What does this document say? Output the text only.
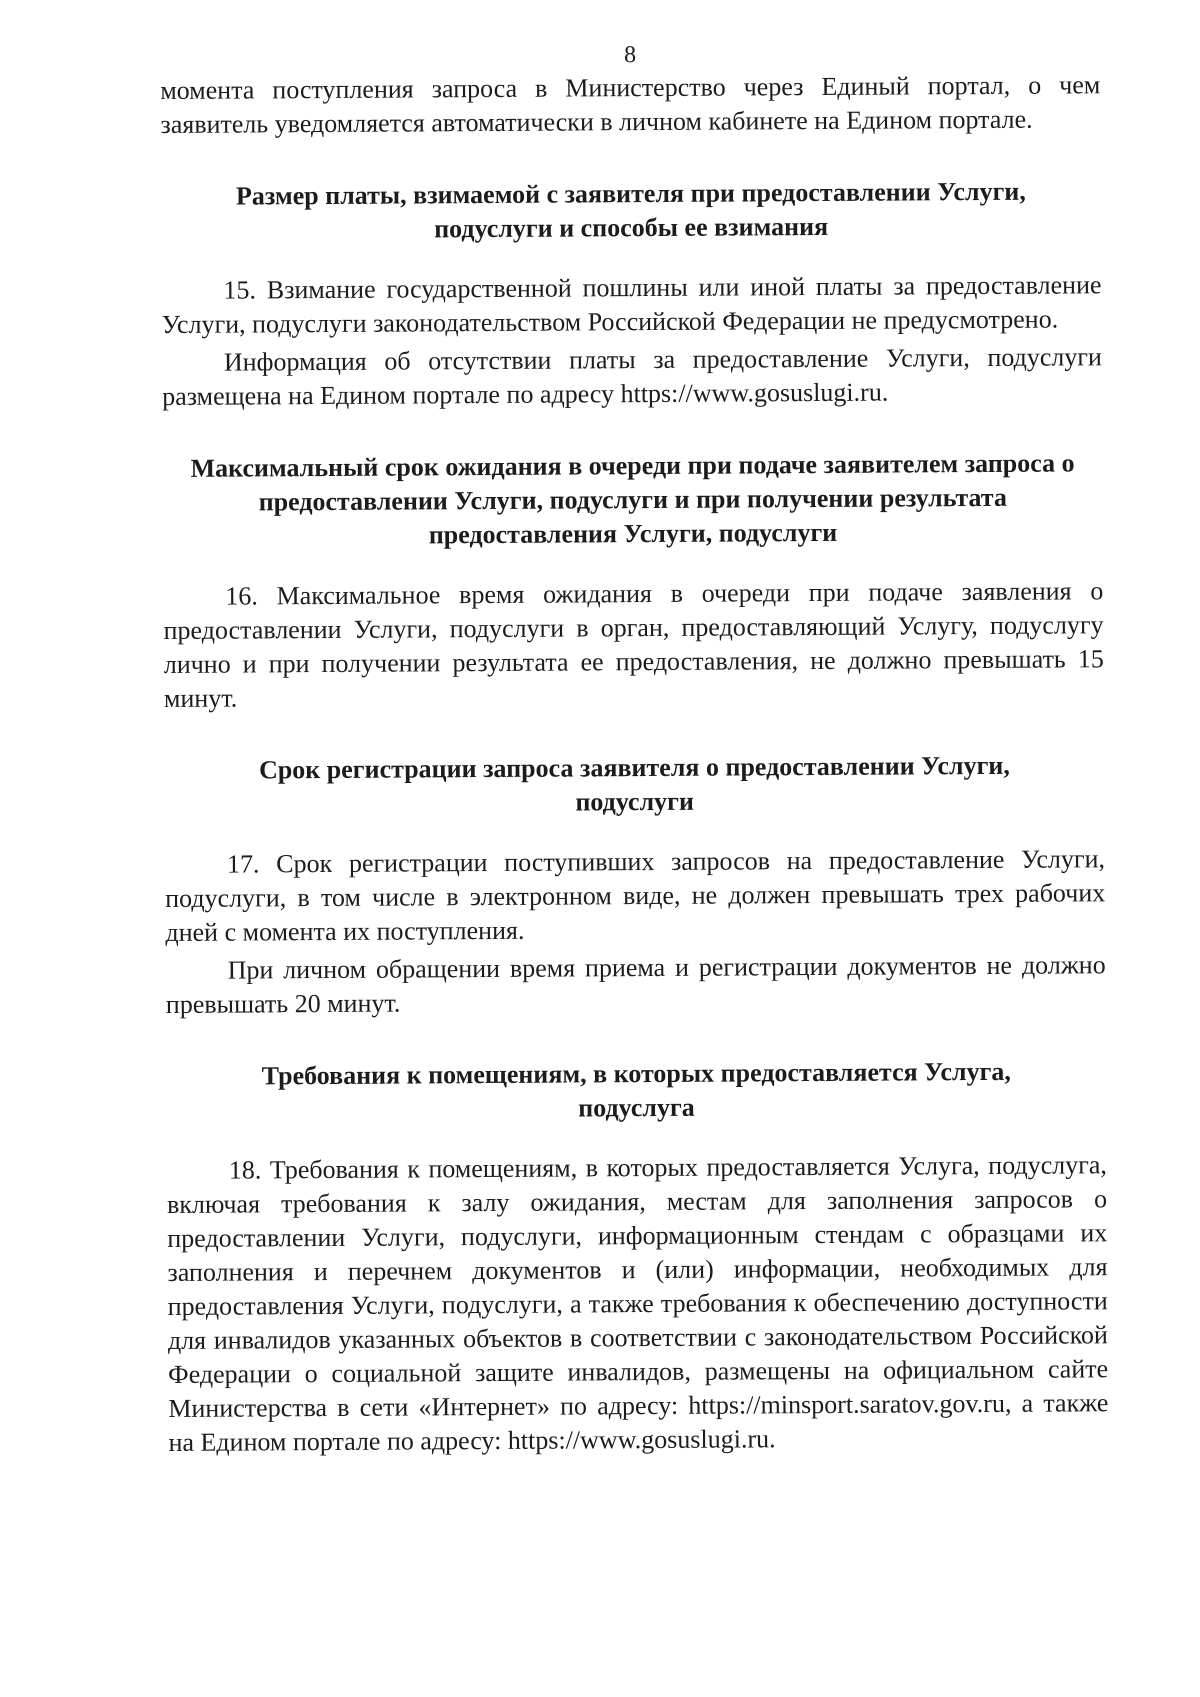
8

момента поступления запроса в Министерство через Единый портал, о чем заявитель уведомляется автоматически в личном кабинете на Едином портале.

Размер платы, взимаемой с заявителя при предоставлении Услуги, подуслуги и способы ее взимания

15. Взимание государственной пошлины или иной платы за предоставление Услуги, подуслуги законодательством Российской Федерации не предусмотрено.

Информация об отсутствии платы за предоставление Услуги, подуслуги размещена на Едином портале по адресу https://www.gosuslugi.ru.

Максимальный срок ожидания в очереди при подаче заявителем запроса о предоставлении Услуги, подуслуги и при получении результата предоставления Услуги, подуслуги

16. Максимальное время ожидания в очереди при подаче заявления о предоставлении Услуги, подуслуги в орган, предоставляющий Услугу, подуслугу лично и при получении результата ее предоставления, не должно превышать 15 минут.

Срок регистрации запроса заявителя о предоставлении Услуги, подуслуги

17. Срок регистрации поступивших запросов на предоставление Услуги, подуслуги, в том числе в электронном виде, не должен превышать трех рабочих дней с момента их поступления.

При личном обращении время приема и регистрации документов не должно превышать 20 минут.

Требования к помещениям, в которых предоставляется Услуга, подуслуга

18. Требования к помещениям, в которых предоставляется Услуга, подуслуга, включая требования к залу ожидания, местам для заполнения запросов о предоставлении Услуги, подуслуги, информационным стендам с образцами их заполнения и перечнем документов и (или) информации, необходимых для предоставления Услуги, подуслуги, а также требования к обеспечению доступности для инвалидов указанных объектов в соответствии с законодательством Российской Федерации о социальной защите инвалидов, размещены на официальном сайте Министерства в сети «Интернет» по адресу: https://minsport.saratov.gov.ru, а также на Едином портале по адресу: https://www.gosuslugi.ru.
